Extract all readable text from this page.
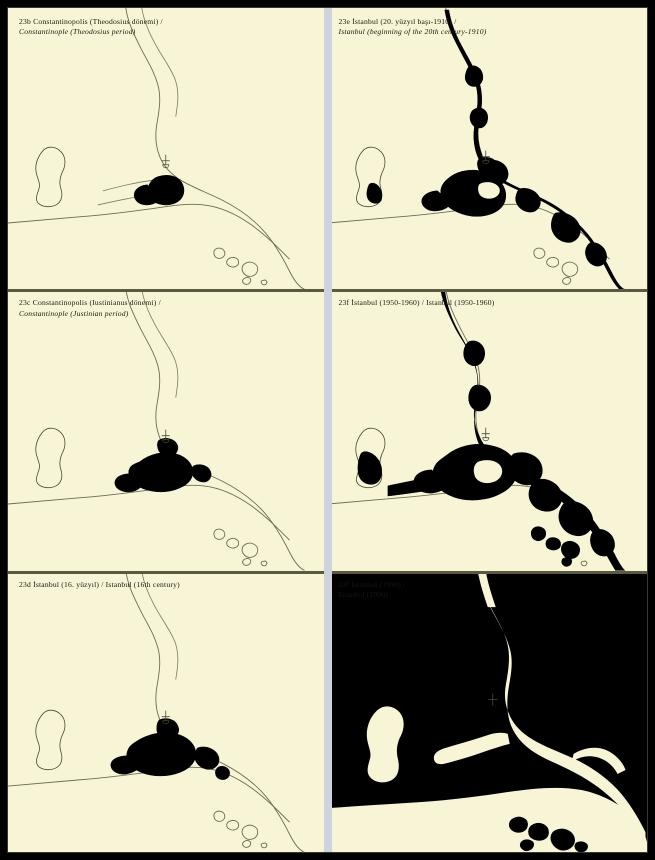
23b Constantinopolis (Theodosius dönemi) /
Constantinople (Theodosius period)
23e İstanbul (20. yüzyıl başı-1910) /
Istanbul (beginning of the 20th century-1910)
23c Constantinopolis (Iustinianus dönemi) /
Constantinople (Justinian period)
23f İstanbul (1950-1960) / Istanbul (1950-1960)
23d İstanbul (16. yüzyıl) / Istanbul (16th century)	23f İstanbul (1990) /
Istanbul (1990)
